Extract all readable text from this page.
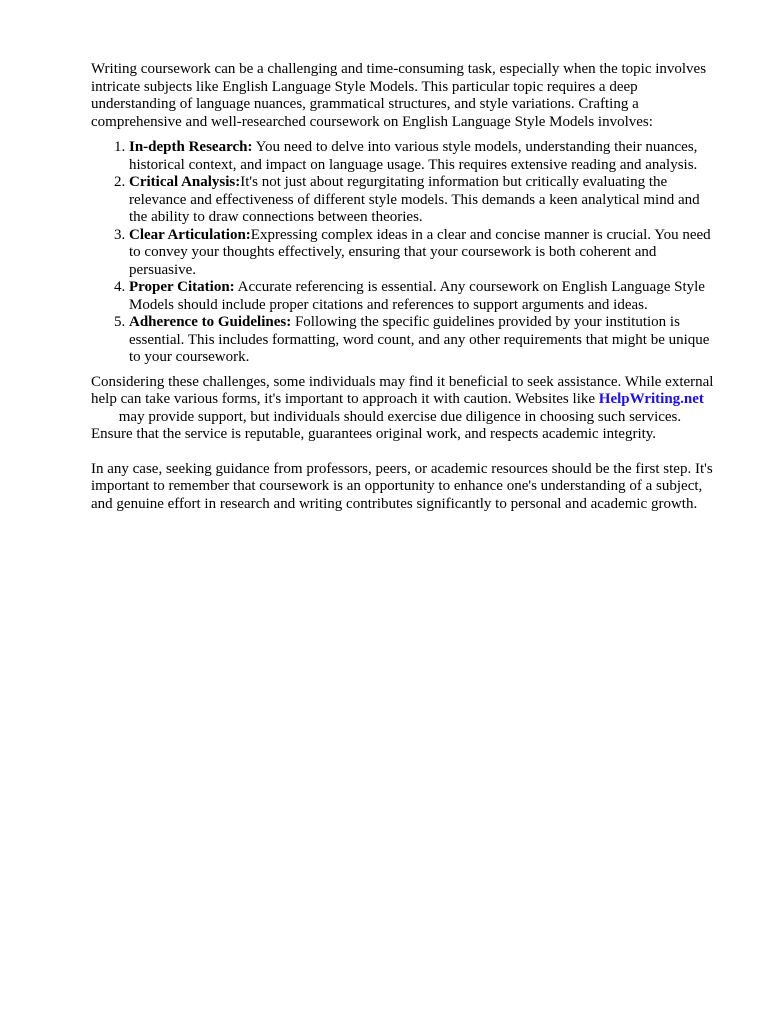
Writing coursework can be a challenging and time-consuming task, especially when the topic involves intricate subjects like English Language Style Models. This particular topic requires a deep understanding of language nuances, grammatical structures, and style variations. Crafting a comprehensive and well-researched coursework on English Language Style Models involves:

1. In-depth Research: You need to delve into various style models, understanding their nuances, historical context, and impact on language usage. This requires extensive reading and analysis.
2. Critical Analysis:It's not just about regurgitating information but critically evaluating the relevance and effectiveness of different style models. This demands a keen analytical mind and the ability to draw connections between theories.
3. Clear Articulation:Expressing complex ideas in a clear and concise manner is crucial. You need to convey your thoughts effectively, ensuring that your coursework is both coherent and persuasive.
4. Proper Citation: Accurate referencing is essential. Any coursework on English Language Style Models should include proper citations and references to support arguments and ideas.
5. Adherence to Guidelines: Following the specific guidelines provided by your institution is essential. This includes formatting, word count, and any other requirements that might be unique to your coursework.

Considering these challenges, some individuals may find it beneficial to seek assistance. While external help can take various forms, it's important to approach it with caution. Websites like HelpWriting.net may provide support, but individuals should exercise due diligence in choosing such services. Ensure that the service is reputable, guarantees original work, and respects academic integrity.

In any case, seeking guidance from professors, peers, or academic resources should be the first step. It's important to remember that coursework is an opportunity to enhance one's understanding of a subject, and genuine effort in research and writing contributes significantly to personal and academic growth.
